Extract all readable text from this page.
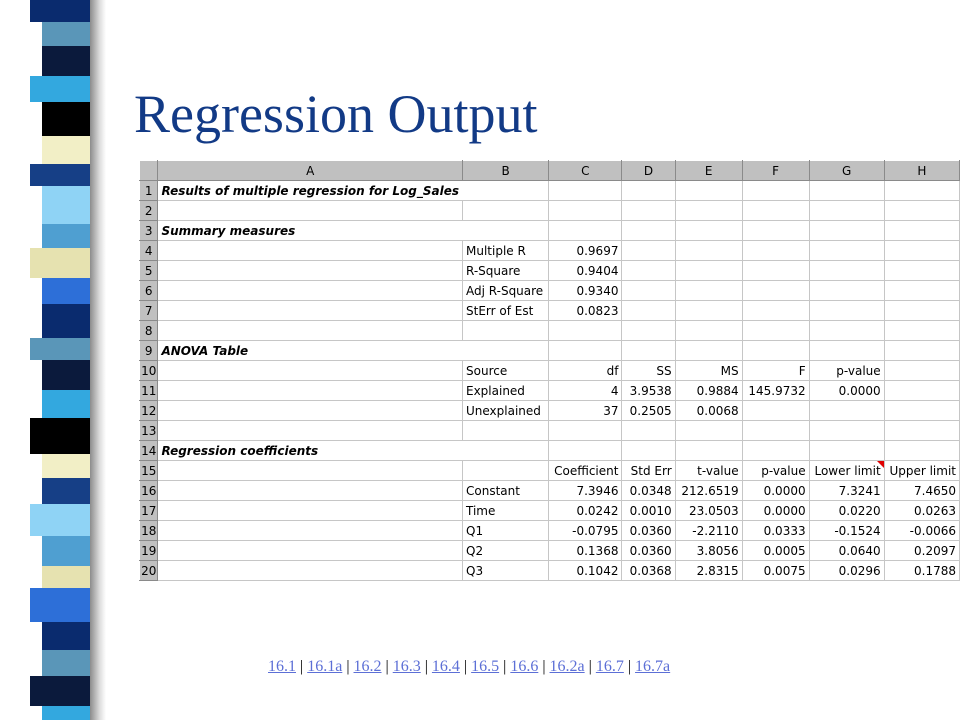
Regression Output
	A	B	C	D	E	F	G	H
1	Results of multiple regression for Log_Sales							
2								
3	Summary measures							
4		Multiple R	0.9697					
5		R-Square	0.9404					
6		Adj R-Square	0.9340					
7		StErr of Est	0.0823					
8								
9	ANOVA Table							
10		Source	df	SS	MS	F	p-value	
11		Explained	4	3.9538	0.9884	145.9732	0.0000	
12		Unexplained	37	0.2505	0.0068			
13								
14	Regression coefficients							
15			Coefficient	Std Err	t-value	p-value	Lower limit	Upper limit
16		Constant	7.3946	0.0348	212.6519	0.0000	7.3241	7.4650
17		Time	0.0242	0.0010	23.0503	0.0000	0.0220	0.0263
18		Q1	-0.0795	0.0360	-2.2110	0.0333	-0.1524	-0.0066
19		Q2	0.1368	0.0360	3.8056	0.0005	0.0640	0.2097
20		Q3	0.1042	0.0368	2.8315	0.0075	0.0296	0.1788
16.1 | 16.1a | 16.2 | 16.3 | 16.4 | 16.5 | 16.6 | 16.2a | 16.7 | 16.7a
